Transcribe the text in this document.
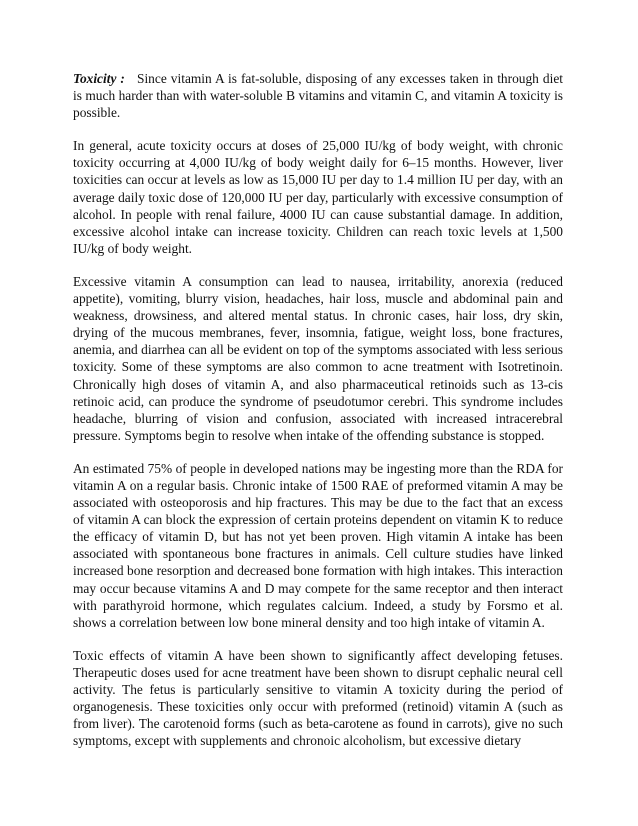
Toxicity : Since vitamin A is fat-soluble, disposing of any excesses taken in through diet is much harder than with water-soluble B vitamins and vitamin C, and vitamin A toxicity is possible.

In general, acute toxicity occurs at doses of 25,000 IU/kg of body weight, with chronic toxicity occurring at 4,000 IU/kg of body weight daily for 6–15 months. However, liver toxicities can occur at levels as low as 15,000 IU per day to 1.4 million IU per day, with an average daily toxic dose of 120,000 IU per day, particularly with excessive consumption of alcohol. In people with renal failure, 4000 IU can cause substantial damage. In addition, excessive alcohol intake can increase toxicity. Children can reach toxic levels at 1,500 IU/kg of body weight.

Excessive vitamin A consumption can lead to nausea, irritability, anorexia (reduced appetite), vomiting, blurry vision, headaches, hair loss, muscle and abdominal pain and weakness, drowsiness, and altered mental status. In chronic cases, hair loss, dry skin, drying of the mucous membranes, fever, insomnia, fatigue, weight loss, bone fractures, anemia, and diarrhea can all be evident on top of the symptoms associated with less serious toxicity. Some of these symptoms are also common to acne treatment with Isotretinoin. Chronically high doses of vitamin A, and also pharmaceutical retinoids such as 13-cis retinoic acid, can produce the syndrome of pseudotumor cerebri. This syndrome includes headache, blurring of vision and confusion, associated with increased intracerebral pressure. Symptoms begin to resolve when intake of the offending substance is stopped.

An estimated 75% of people in developed nations may be ingesting more than the RDA for vitamin A on a regular basis. Chronic intake of 1500 RAE of preformed vitamin A may be associated with osteoporosis and hip fractures. This may be due to the fact that an excess of vitamin A can block the expression of certain proteins dependent on vitamin K to reduce the efficacy of vitamin D, but has not yet been proven. High vitamin A intake has been associated with spontaneous bone fractures in animals. Cell culture studies have linked increased bone resorption and decreased bone formation with high intakes. This interaction may occur because vitamins A and D may compete for the same receptor and then interact with parathyroid hormone, which regulates calcium. Indeed, a study by Forsmo et al. shows a correlation between low bone mineral density and too high intake of vitamin A.

Toxic effects of vitamin A have been shown to significantly affect developing fetuses. Therapeutic doses used for acne treatment have been shown to disrupt cephalic neural cell activity. The fetus is particularly sensitive to vitamin A toxicity during the period of organogenesis. These toxicities only occur with preformed (retinoid) vitamin A (such as from liver). The carotenoid forms (such as beta-carotene as found in carrots), give no such symptoms, except with supplements and chronoic alcoholism, but excessive dietary
